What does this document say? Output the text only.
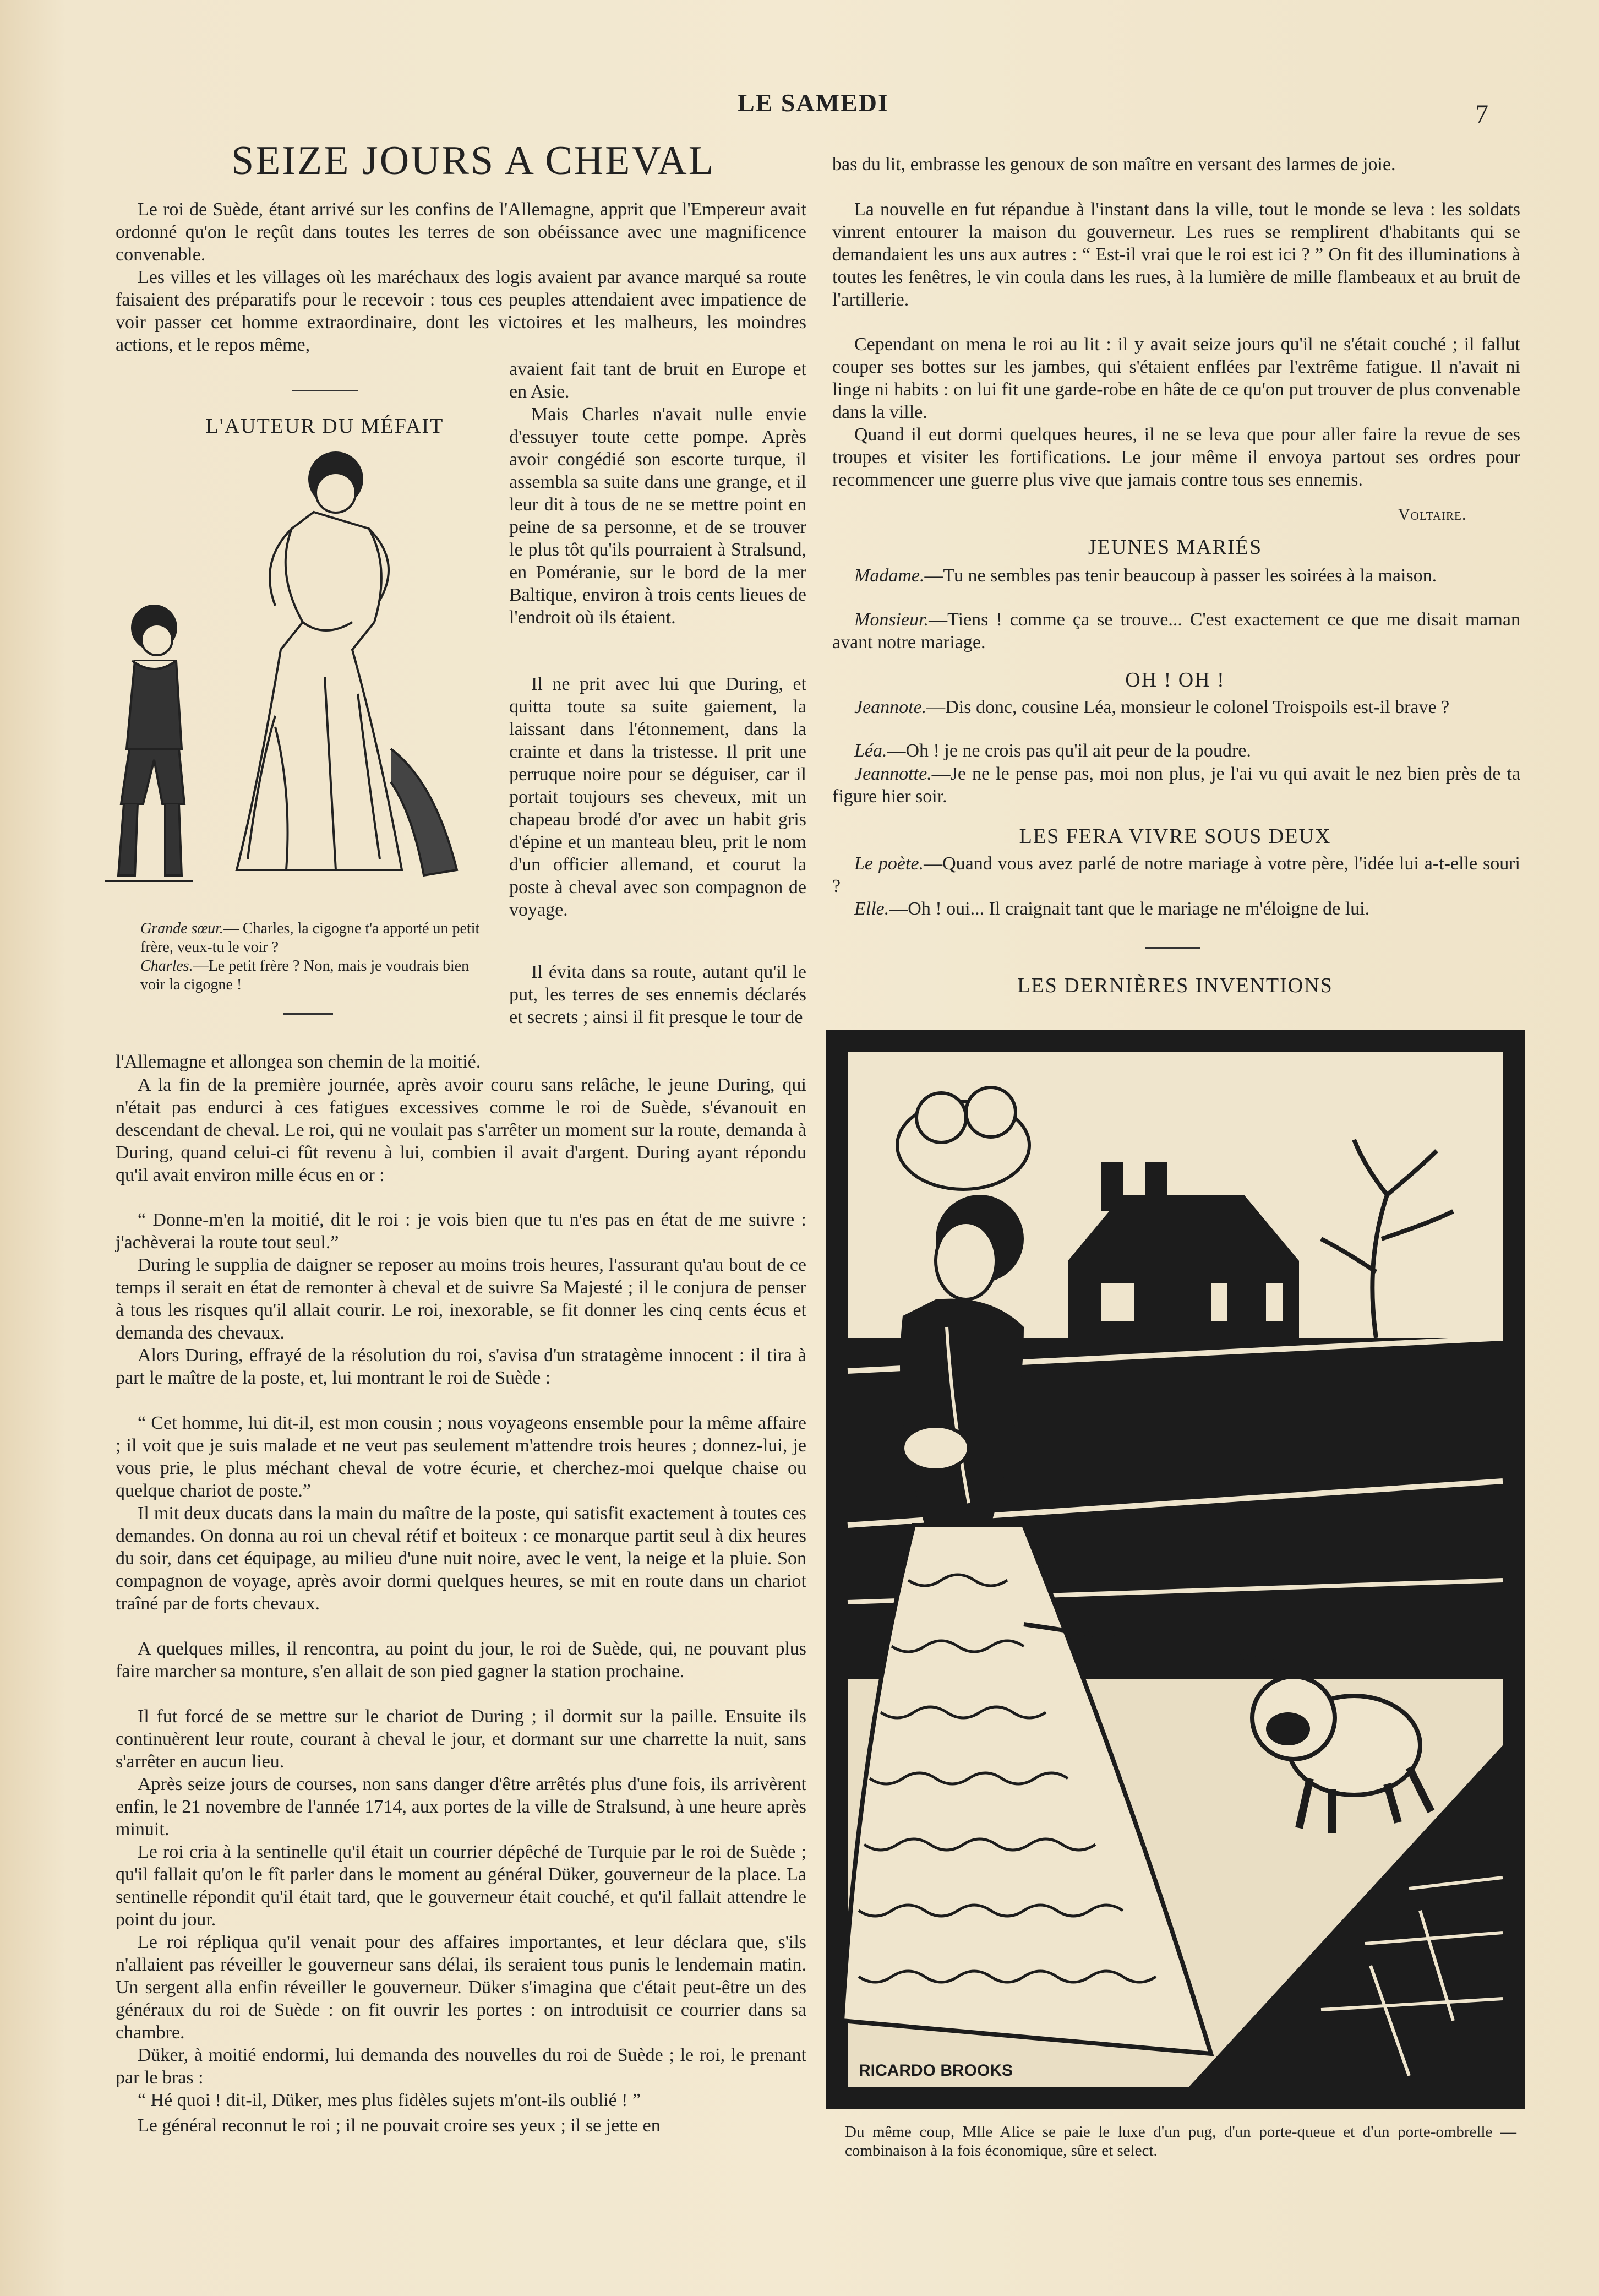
LE SAMEDI	7
SEIZE JOURS A CHEVAL

Le roi de Suède, étant arrivé sur les confins de l'Allemagne, apprit que l'Empereur avait ordonné qu'on le reçût dans toutes les terres de son obéissance avec une magnificence convenable.

Les villes et les villages où les maréchaux des logis avaient par avance marqué sa route faisaient des préparatifs pour le recevoir : tous ces peuples attendaient avec impatience de voir passer cet homme extraordinaire, dont les victoires et les malheurs, les moindres actions, et le repos même,

L'AUTEUR DU MÉFAIT
Grande sœur.— Charles, la cigogne t'a apporté un petit frère, veux-tu le voir ?
Charles.—Le petit frère ? Non, mais je voudrais bien voir la cigogne !

avaient fait tant de bruit en Europe et en Asie.

Mais Charles n'avait nulle envie d'essuyer toute cette pompe. Après avoir congédié son escorte turque, il assembla sa suite dans une grange, et il leur dit à tous de ne se mettre point en peine de sa personne, et de se trouver le plus tôt qu'ils pourraient à Stralsund, en Poméranie, sur le bord de la mer Baltique, environ à trois cents lieues de l'endroit où ils étaient.

Il ne prit avec lui que During, et quitta toute sa suite gaiement, la laissant dans l'étonnement, dans la crainte et dans la tristesse. Il prit une perruque noire pour se déguiser, car il portait toujours ses cheveux, mit un chapeau brodé d'or avec un habit gris d'épine et un manteau bleu, prit le nom d'un officier allemand, et courut la poste à cheval avec son compagnon de voyage.

Il évita dans sa route, autant qu'il le put, les terres de ses ennemis déclarés et secrets ; ainsi il fit presque le tour de

l'Allemagne et allongea son chemin de la moitié.

A la fin de la première journée, après avoir couru sans relâche, le jeune During, qui n'était pas endurci à ces fatigues excessives comme le roi de Suède, s'évanouit en descendant de cheval. Le roi, qui ne voulait pas s'arrêter un moment sur la route, demanda à During, quand celui-ci fût revenu à lui, combien il avait d'argent. During ayant répondu qu'il avait environ mille écus en or :

“ Donne-m'en la moitié, dit le roi : je vois bien que tu n'es pas en état de me suivre : j'achèverai la route tout seul.”

During le supplia de daigner se reposer au moins trois heures, l'assurant qu'au bout de ce temps il serait en état de remonter à cheval et de suivre Sa Majesté ; il le conjura de penser à tous les risques qu'il allait courir. Le roi, inexorable, se fit donner les cinq cents écus et demanda des chevaux.

Alors During, effrayé de la résolution du roi, s'avisa d'un stratagème innocent : il tira à part le maître de la poste, et, lui montrant le roi de Suède :

“ Cet homme, lui dit-il, est mon cousin ; nous voyageons ensemble pour la même affaire ; il voit que je suis malade et ne veut pas seulement m'attendre trois heures ; donnez-lui, je vous prie, le plus méchant cheval de votre écurie, et cherchez-moi quelque chaise ou quelque chariot de poste.”

Il mit deux ducats dans la main du maître de la poste, qui satisfit exactement à toutes ces demandes. On donna au roi un cheval rétif et boiteux : ce monarque partit seul à dix heures du soir, dans cet équipage, au milieu d'une nuit noire, avec le vent, la neige et la pluie. Son compagnon de voyage, après avoir dormi quelques heures, se mit en route dans un chariot traîné par de forts chevaux.

A quelques milles, il rencontra, au point du jour, le roi de Suède, qui, ne pouvant plus faire marcher sa monture, s'en allait de son pied gagner la station prochaine.

Il fut forcé de se mettre sur le chariot de During ; il dormit sur la paille. Ensuite ils continuèrent leur route, courant à cheval le jour, et dormant sur une charrette la nuit, sans s'arrêter en aucun lieu.

Après seize jours de courses, non sans danger d'être arrêtés plus d'une fois, ils arrivèrent enfin, le 21 novembre de l'année 1714, aux portes de la ville de Stralsund, à une heure après minuit.

Le roi cria à la sentinelle qu'il était un courrier dépêché de Turquie par le roi de Suède ; qu'il fallait qu'on le fît parler dans le moment au général Düker, gouverneur de la place. La sentinelle répondit qu'il était tard, que le gouverneur était couché, et qu'il fallait attendre le point du jour.

Le roi répliqua qu'il venait pour des affaires importantes, et leur déclara que, s'ils n'allaient pas réveiller le gouverneur sans délai, ils seraient tous punis le lendemain matin. Un sergent alla enfin réveiller le gouverneur. Düker s'imagina que c'était peut-être un des généraux du roi de Suède : on fit ouvrir les portes : on introduisit ce courrier dans sa chambre.

Düker, à moitié endormi, lui demanda des nouvelles du roi de Suède ; le roi, le prenant par le bras :

“ Hé quoi ! dit-il, Düker, mes plus fidèles sujets m'ont-ils oublié ! ”

Le général reconnut le roi ; il ne pouvait croire ses yeux ; il se jette en

bas du lit, embrasse les genoux de son maître en versant des larmes de joie.

La nouvelle en fut répandue à l'instant dans la ville, tout le monde se leva : les soldats vinrent entourer la maison du gouverneur. Les rues se remplirent d'habitants qui se demandaient les uns aux autres : “ Est-il vrai que le roi est ici ? ” On fit des illuminations à toutes les fenêtres, le vin coula dans les rues, à la lumière de mille flambeaux et au bruit de l'artillerie.

Cependant on mena le roi au lit : il y avait seize jours qu'il ne s'était couché ; il fallut couper ses bottes sur les jambes, qui s'étaient enflées par l'extrême fatigue. Il n'avait ni linge ni habits : on lui fit une garde-robe en hâte de ce qu'on put trouver de plus convenable dans la ville.

Quand il eut dormi quelques heures, il ne se leva que pour aller faire la revue de ses troupes et visiter les fortifications. Le jour même il envoya partout ses ordres pour recommencer une guerre plus vive que jamais contre tous ses ennemis.

Voltaire.
JEUNES MARIÉS

Madame.—Tu ne sembles pas tenir beaucoup à passer les soirées à la maison.

Monsieur.—Tiens ! comme ça se trouve... C'est exactement ce que me disait maman avant notre mariage.

OH ! OH !

Jeannote.—Dis donc, cousine Léa, monsieur le colonel Troispoils est-il brave ?

Léa.—Oh ! je ne crois pas qu'il ait peur de la poudre.

Jeannotte.—Je ne le pense pas, moi non plus, je l'ai vu qui avait le nez bien près de ta figure hier soir.

LES FERA VIVRE SOUS DEUX

Le poète.—Quand vous avez parlé de notre mariage à votre père, l'idée lui a-t-elle souri ?

Elle.—Oh ! oui... Il craignait tant que le mariage ne m'éloigne de lui.

LES DERNIÈRES INVENTIONS
RICARDO BROOKS
Du même coup, Mlle Alice se paie le luxe d'un pug, d'un porte-queue et d'un porte-ombrelle — combinaison à la fois économique, sûre et select.
